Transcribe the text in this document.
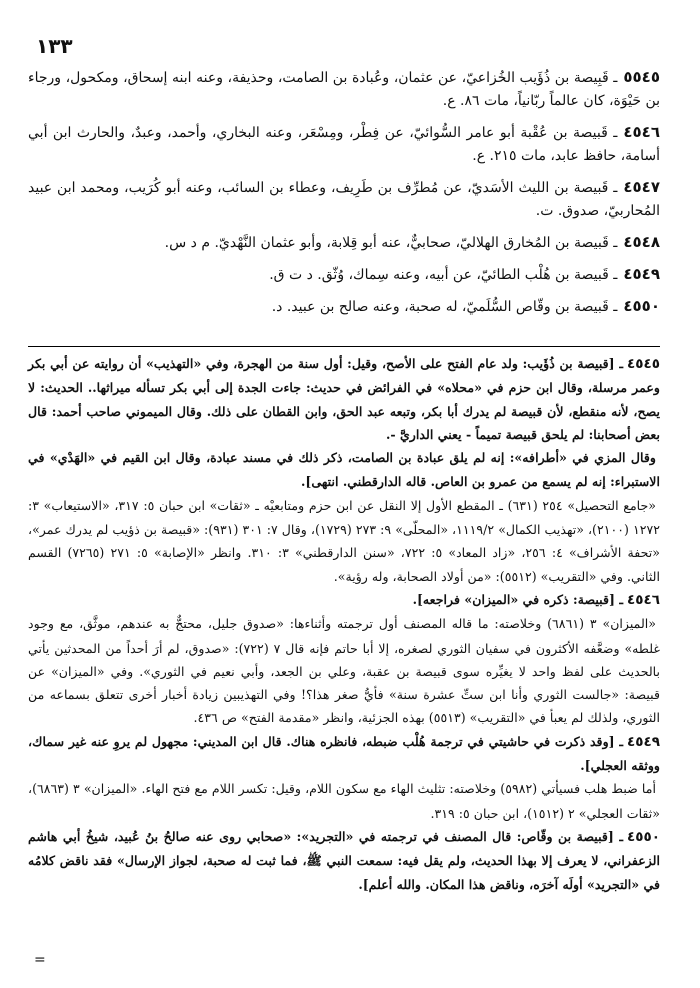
١٣٣
٥٥٤٥ـ قَبِيصة بن ذُؤَيب الخُزاعيّ، عن عثمان، وعُبادة بن الصامت، وحذيفة، وعنه ابنه إسحاق، ومكحول، ورجاء بن حَيْوَة، كان عالماً ربّانياً، مات ٨٦. ع.
٤٥٤٦ـ قَبيصة بن عُقْبة أبو عامر السُّوائيّ، عن فِطْر، ومِسْعَر، وعنه البخاري، وأحمد، وعبدٌ، والحارث ابن أبي أسامة، حافظ عابد، مات ٢١٥. ع.
٤٥٤٧ـ قَبيصة بن الليث الأسَديّ، عن مُطرِّف بن طَرِيف، وعطاء بن السائب، وعنه أبو كُرَيب، ومحمد ابن عبيد المُحاربيّ، صدوق. ت.
٤٥٤٨ـ قَبيصة بن المُخارق الهلاليّ، صحابيٌّ، عنه أبو قِلابة، وأبو عثمان النَّهْديّ. م د س.
٤٥٤٩ـ قَبيصة بن هُلْب الطائيّ، عن أبيه، وعنه سِماك، وُثّق. د ت ق.
٤٥٥٠ـ قَبيصة بن وقّاص السُّلَميّ، له صحبة، وعنه صالح بن عبيد. د.
٤٥٤٥ـ [قبيصة بن ذُؤَيب: ولد عام الفتح على الأصح، وقيل: أول سنة من الهجرة، وفي «التهذيب» أن روايته عن أبي بكر وعمر مرسلة، وقال ابن حزم في «محلاه» في الفرائض في حديث: جاءت الجدة إلى أبي بكر تسأله ميراثها.. الحديث: لا يصح، لأنه منقطع، لأن قبيصة لم يدرك أبا بكر، وتبعه عبد الحق، وابن القطان على ذلك. وقال الميموني صاحب أحمد: قال بعض أصحابنا: لم يلحق قبيصة تميماً - يعني الداريَّ -.
وقال المزي في «أطرافه»: إنه لم يلق عبادة بن الصامت، ذكر ذلك في مسند عبادة، وقال ابن القيم في «الهَدْي» في الاستبراء: إنه لم يسمع من عمرو بن العاص. قاله الدارقطني. انتهى].
«جامع التحصيل» ٢٥٤ (٦٣١) ـ المقطع الأول إلا النقل عن ابن حزم ومتابعيْه ـ «ثقات» ابن حبان ٥: ٣١٧، «الاستيعاب» ٣: ١٢٧٢ (٢١٠٠)، «تهذيب الكمال» ١١١٩/٢، «المحلّى» ٩: ٢٧٣ (١٧٢٩)، وقال ٧: ٣٠١ (٩٣١): «قبيصة بن ذؤيب لم يدرك عمر»، «تحفة الأشراف» ٤: ٢٥٦، «زاد المعاد» ٥: ٧٢٢، «سنن الدارقطني» ٣: ٣١٠. وانظر «الإصابة» ٥: ٢٧١ (٧٢٦٥) القسم الثاني. وفي «التقريب» (٥٥١٢): «من أولاد الصحابة، وله رؤية».
٤٥٤٦ـ [قبيصة: ذكره في «الميزان» فراجعه].
«الميزان» ٣ (٦٨٦١) وخلاصته: ما قاله المصنف أول ترجمته وأثناءها: «صدوق جليل، محتجٌّ به عندهم، موثَّق، مع وجود غلطه» وضعَّفه الأكثرون في سفيان الثوري لصغره، إلا أبا حاتم فإنه قال ٧ (٧٢٢): «صدوق، لم أرَ أحداً من المحدثين يأتي بالحديث على لفظ واحد لا يغيِّره سوى قبيصة بن عقبة، وعلي بن الجعد، وأبي نعيم في الثوري». وفي «الميزان» عن قبيصة: «جالست الثوري وأنا ابن ستِّ عشرة سنة» فأيُّ صغر هذا؟! وفي التهذيبين زيادة أخبار أخرى تتعلق بسماعه من الثوري، ولذلك لم يعبأ في «التقريب» (٥٥١٣) بهذه الجزئية، وانظر «مقدمة الفتح» ص ٤٣٦.
٤٥٤٩ـ [وقد ذكرت في حاشيتي في ترجمة هُلْب ضبطه، فانظره هناك. قال ابن المديني: مجهول لم يروِ عنه غير سماك، ووثقه العجلي].
أما ضبط هلب فسيأتي (٥٩٨٢) وخلاصته: تثليث الهاء مع سكون اللام، وقيل: تكسر اللام مع فتح الهاء. «الميزان» ٣ (٦٨٦٣)، «ثقات العجلي» ٢ (١٥١٢)، ابن حبان ٥: ٣١٩.
٤٥٥٠ـ [قبيصة بن وقّاص: قال المصنف في ترجمته في «التجريد»: «صحابي روى عنه صالحُ بنُ عُبيد، شيخُ أبي هاشم الزعفراني، لا يعرف إلا بهذا الحديث، ولم يقل فيه: سمعت النبي ﷺ، فما ثبت له صحبة، لجواز الإرسال» فقد ناقض كلامُه في «التجريد» أولَه آخرَه، وناقض هذا المكان. والله أعلم].
=
